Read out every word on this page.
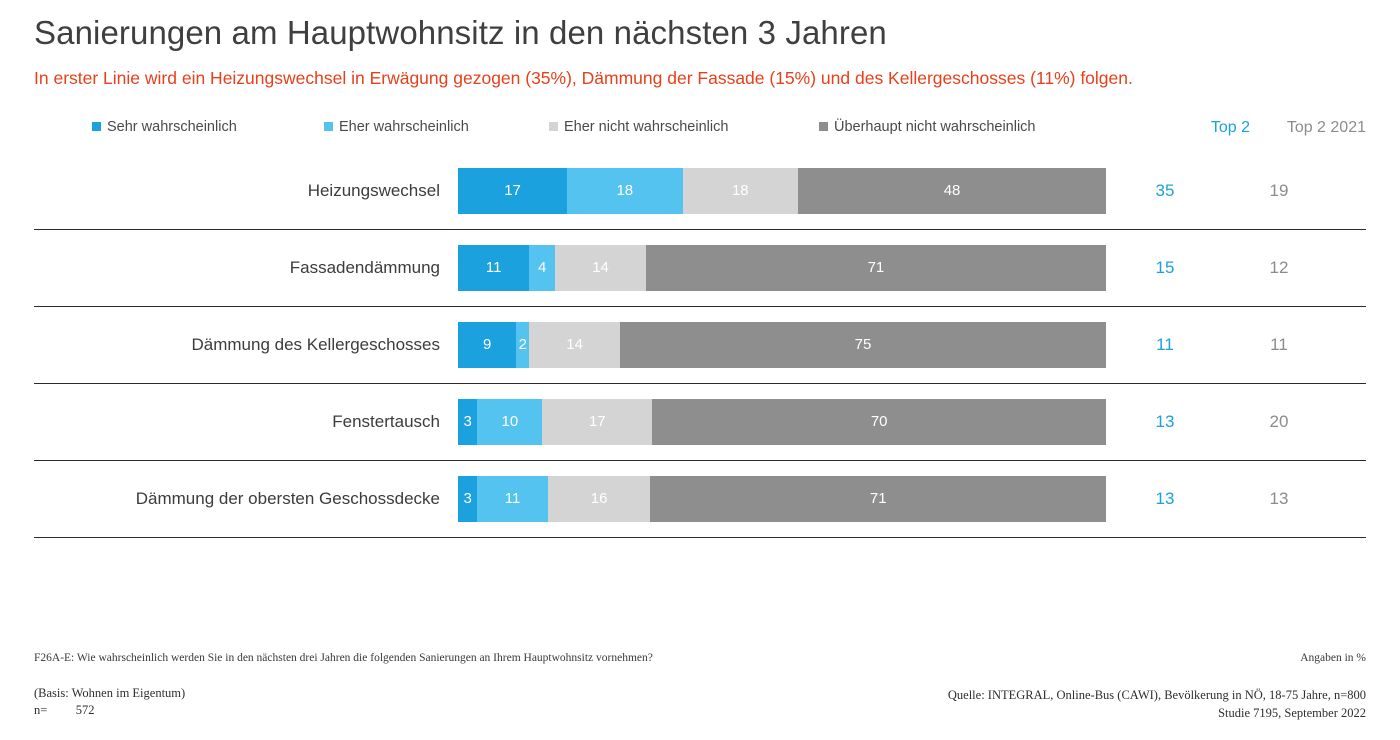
Sanierungen am Hauptwohnsitz in den nächsten 3 Jahren
In erster Linie wird ein Heizungswechsel in Erwägung gezogen (35%), Dämmung der Fassade (15%) und des Kellergeschosses (11%) folgen.
Sehr wahrscheinlich	Eher wahrscheinlich	Eher nicht wahrscheinlich	Überhaupt nicht wahrscheinlich	Top 2 Top 2 2021
Heizungswechsel	17	18	18	48	35	19
Fassadendämmung	11	4	14	71	15	12
Dämmung des Kellergeschosses	9	2	14	75	11	11
Fenstertausch	3	10	17	70	13	20
Dämmung der obersten Geschossdecke	3	11	16	71	13	13
F26A-E: Wie wahrscheinlich werden Sie in den nächsten drei Jahren die folgenden Sanierungen an Ihrem Hauptwohnsitz vornehmen?	Angaben in %
(Basis: Wohnen im Eigentum)
n= 572
Quelle: INTEGRAL, Online-Bus (CAWI), Bevölkerung in NÖ, 18-75 Jahre, n=800
Studie 7195, September 2022
